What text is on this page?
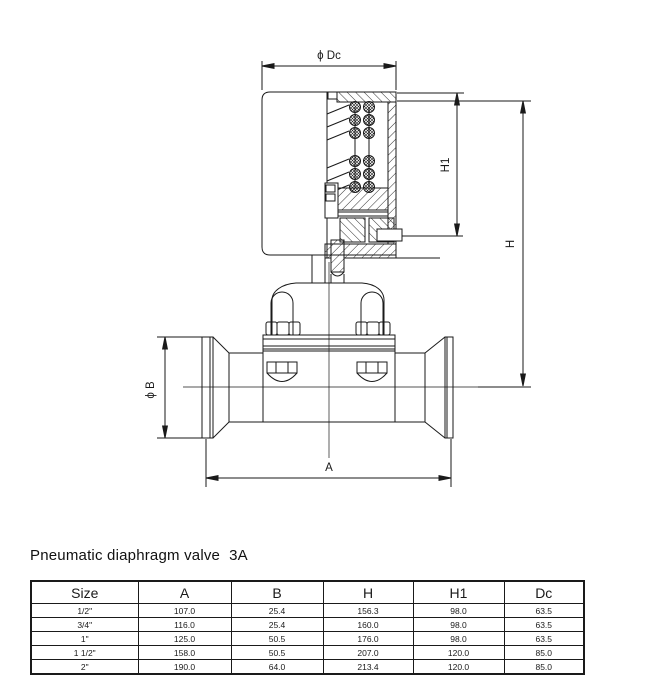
ϕ Dc
H1
H
ϕ B
A
Pneumatic diaphragm valve 3A
Size	A	B	H	H1	Dc
1/2"	107.0	25.4	156.3	98.0	63.5
3/4"	116.0	25.4	160.0	98.0	63.5
1"	125.0	50.5	176.0	98.0	63.5
1 1/2"	158.0	50.5	207.0	120.0	85.0
2"	190.0	64.0	213.4	120.0	85.0
